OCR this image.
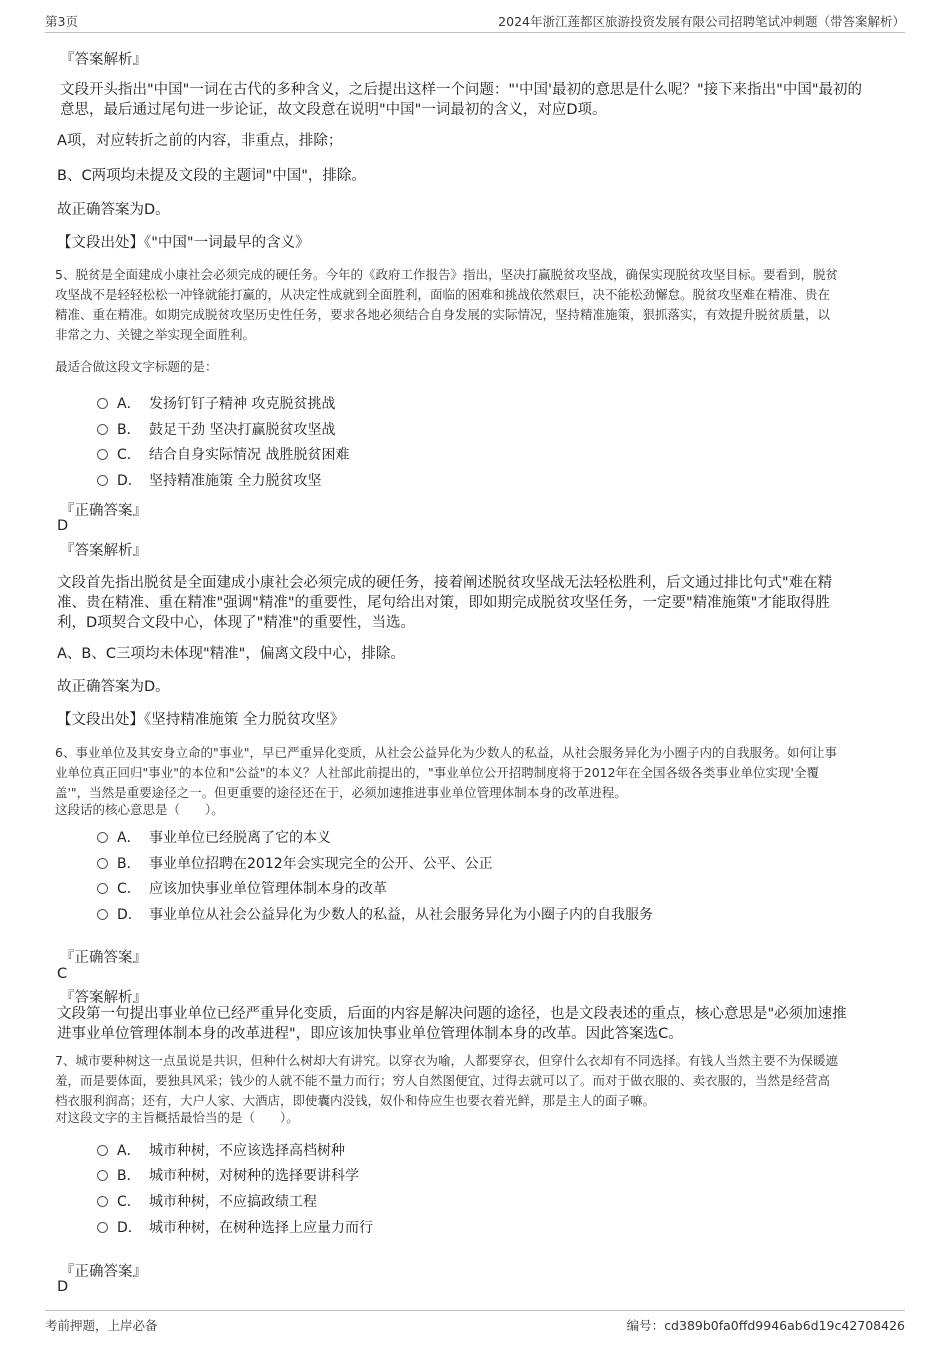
第3页	2024年浙江莲都区旅游投资发展有限公司招聘笔试冲刺题（带答案解析）
『答案解析』
文段开头指出"中国"一词在古代的多种含义，之后提出这样一个问题："'中国'最初的意思是什么呢？"接下来指出"中国"最初的
意思，最后通过尾句进一步论证，故文段意在说明"中国"一词最初的含义，对应D项。
A项，对应转折之前的内容，非重点，排除；
B、C两项均未提及文段的主题词"中国"，排除。
故正确答案为D。
【文段出处】《"中国"一词最早的含义》
5、脱贫是全面建成小康社会必须完成的硬任务。今年的《政府工作报告》指出，坚决打赢脱贫攻坚战，确保实现脱贫攻坚目标。要看到，脱贫
攻坚战不是轻轻松松一冲锋就能打赢的，从决定性成就到全面胜利，面临的困难和挑战依然艰巨，决不能松劲懈怠。脱贫攻坚难在精准、贵在
精准、重在精准。如期完成脱贫攻坚历史性任务，要求各地必须结合自身发展的实际情况，坚持精准施策，狠抓落实，有效提升脱贫质量，以
非常之力、关键之举实现全面胜利。
最适合做这段文字标题的是：
A． 发扬钉钉子精神 攻克脱贫挑战
B． 鼓足干劲 坚决打赢脱贫攻坚战
C． 结合自身实际情况 战胜脱贫困难
D． 坚持精准施策 全力脱贫攻坚
『正确答案』
D
『答案解析』
文段首先指出脱贫是全面建成小康社会必须完成的硬任务，接着阐述脱贫攻坚战无法轻松胜利，后文通过排比句式"难在精
准、贵在精准、重在精准"强调"精准"的重要性，尾句给出对策，即如期完成脱贫攻坚任务，一定要"精准施策"才能取得胜
利，D项契合文段中心，体现了"精准"的重要性，当选。
A、B、C三项均未体现"精准"，偏离文段中心，排除。
故正确答案为D。
【文段出处】《坚持精准施策 全力脱贫攻坚》
6、事业单位及其安身立命的"事业"，早已严重异化变质，从社会公益异化为少数人的私益，从社会服务异化为小圈子内的自我服务。如何让事
业单位真正回归"事业"的本位和"公益"的本义？人社部此前提出的，"事业单位公开招聘制度将于2012年在全国各级各类事业单位实现'全覆
盖'"，当然是重要途径之一。但更重要的途径还在于，必须加速推进事业单位管理体制本身的改革进程。
这段话的核心意思是（　　）。
A． 事业单位已经脱离了它的本义
B． 事业单位招聘在2012年会实现完全的公开、公平、公正
C． 应该加快事业单位管理体制本身的改革
D． 事业单位从社会公益异化为少数人的私益，从社会服务异化为小圈子内的自我服务
『正确答案』
C
『答案解析』
文段第一句提出事业单位已经严重异化变质，后面的内容是解决问题的途径，也是文段表述的重点，核心意思是"必须加速推
进事业单位管理体制本身的改革进程"，即应该加快事业单位管理体制本身的改革。因此答案选C。
7、城市要种树这一点虽说是共识，但种什么树却大有讲究。以穿衣为喻，人都要穿衣，但穿什么衣却有不同选择。有钱人当然主要不为保暖遮
羞，而是要体面，要独具风采；钱少的人就不能不量力而行；穷人自然图便宜，过得去就可以了。而对于做衣服的、卖衣服的，当然是经营高
档衣服利润高；还有，大户人家、大酒店，即使囊内没钱，奴仆和侍应生也要衣着光鲜，那是主人的面子嘛。
对这段文字的主旨概括最恰当的是（　　）。
A． 城市种树，不应该选择高档树种
B． 城市种树，对树种的选择要讲科学
C． 城市种树，不应搞政绩工程
D． 城市种树，在树种选择上应量力而行
『正确答案』
D
考前押题，上岸必备	编号：cd389b0fa0ffd9946ab6d19c42708426
